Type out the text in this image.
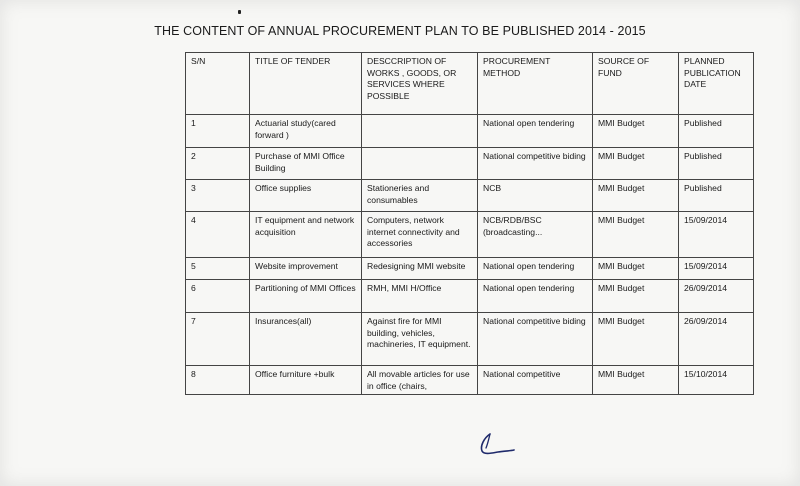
THE CONTENT OF ANNUAL PROCUREMENT PLAN TO BE PUBLISHED 2014 - 2015
S/N	TITLE OF TENDER	DESCCRIPTION OF WORKS , GOODS, OR SERVICES WHERE POSSIBLE	PROCUREMENT METHOD	SOURCE OF FUND	PLANNED PUBLICATION DATE
1	Actuarial study(cared forward )		National open tendering	MMI Budget	Published
2	Purchase of MMI Office Building		National competitive biding	MMI Budget	Published
3	Office supplies	Stationeries and consumables	NCB	MMI Budget	Published
4	IT equipment and network acquisition	Computers, network internet connectivity and accessories	NCB/RDB/BSC (broadcasting...	MMI Budget	15/09/2014
5	Website improvement	Redesigning MMI website	National open tendering	MMI Budget	15/09/2014
6	Partitioning of MMI Offices	RMH, MMI H/Office	National open tendering	MMI Budget	26/09/2014
7	Insurances(all)	Against fire for MMI building, vehicles, machineries, IT equipment.	National competitive biding	MMI Budget	26/09/2014
8	Office furniture +bulk	All movable articles for use in office (chairs,	National competitive	MMI Budget	15/10/2014
